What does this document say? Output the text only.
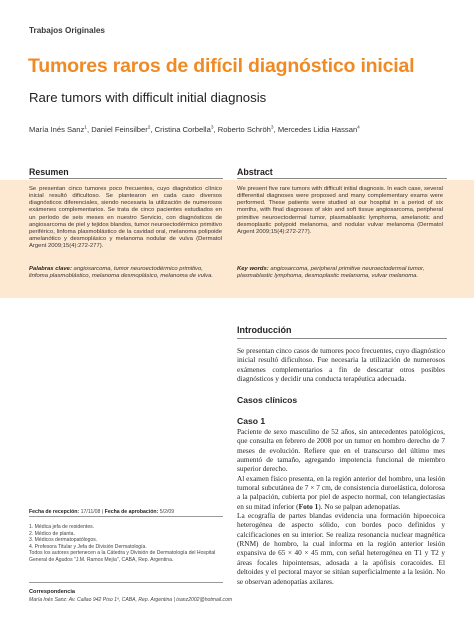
Trabajos Originales
Tumores raros de difícil diagnóstico inicial
Rare tumors with difficult initial diagnosis
María Inés Sanz$^1$, Daniel Feinsilber$^2$, Cristina Corbella$^3$, Roberto Schröh$^3$, Mercedes Lidia Hassan$^4$
Resumen	Abstract
Se presentan cinco tumores poco frecuentes, cuyo diagnóstico clínico inicial resultó dificultoso. Se plantearon en cada caso diversos diagnósticos diferenciales, siendo necesaria la utilización de numerosos exámenes complementarios. Se trata de cinco pacientes estudiados en un período de seis meses en nuestro Servicio, con diagnósticos de angiosarcoma de piel y tejidos blandos, tumor neuroectodérmico primitivo periférico, linfoma plasmoblástico de la cavidad oral, melanoma polipoide amelanótico y desmoplásico y melanoma nodular de vulva (Dermatol Argent 2009;15(4):272-277).
We present five rare tumors with difficult initial diagnosis. In each case, several differential diagnoses were proposed and many complementary exams were performed. These patients were studied at our hospital in a period of six months, with final diagnoses of skin and soft tissue angiosarcoma, peripheral primitive neuroectodermal tumor, plasmablastic lymphoma, amelanotic and desmoplastic polypoid melanoma, and nodular vulvar melanoma (Dermatol Argent 2009;15(4):272-277).
Palabras clave: angiosarcoma, tumor neuroectodérmico primitivo, linfoma plasmoblástico, melanoma desmoplásico, melanoma de vulva.
Key words: angiosarcoma, peripheral primitive neuroectodermal tumor, plasmablastic lymphoma, desmoplastic melanoma, vulvar melanoma.
Introducción
Se presentan cinco casos de tumores poco frecuentes, cuyo diagnóstico inicial resultó dificultoso. Fue necesaria la utilización de numerosos exámenes complementarios a fin de descartar otros posibles diagnósticos y decidir una conducta terapéutica adecuada.
Casos clínicos
Caso 1

Paciente de sexo masculino de 52 años, sin antecedentes patológicos, que consulta en febrero de 2008 por un tumor en hombro derecho de 7 meses de evolución. Refiere que en el transcurso del último mes aumentó de tamaño, agregando impotencia funcional de miembro superior derecho.

Al examen físico presenta, en la región anterior del hombro, una lesión tumoral subcutánea de 7 × 7 cm, de consistencia duroelástica, dolorosa a la palpación, cubierta por piel de aspecto normal, con telangiectasias en su mitad inferior (Foto 1). No se palpan adenopatías.

La ecografía de partes blandas evidencia una formación hipoecoica heterogénea de aspecto sólido, con bordes poco definidos y calcificaciones en su interior. Se realiza resonancia nuclear magnética (RNM) de hombro, la cual informa en la región anterior lesión expansiva de 65 × 40 × 45 mm, con señal heterogénea en T1 y T2 y áreas focales hipointensas, adosada a la apófisis coracoides. El deltoides y el pectoral mayor se sitúan superficialmente a la lesión. No se observan adenopatías axilares.

Fecha de recepción: 17/11/08 | Fecha de aprobación: 5/2/09
1. Médica jefa de residentes.
2. Médico de planta.
3. Médicos dermatopatólogos.
4. Profesora Titular y Jefa de División Dermatología.
Todos los autores pertenecen a la Cátedra y División de Dermatología del Hospital General de Agudos "J.M. Ramos Mejía", CABA, Rep. Argentina.
Correspondencia
María Inés Sanz: Av. Callao 942 Piso 1º, CABA, Rep. Argentina | isanz2002@hotmail.com
